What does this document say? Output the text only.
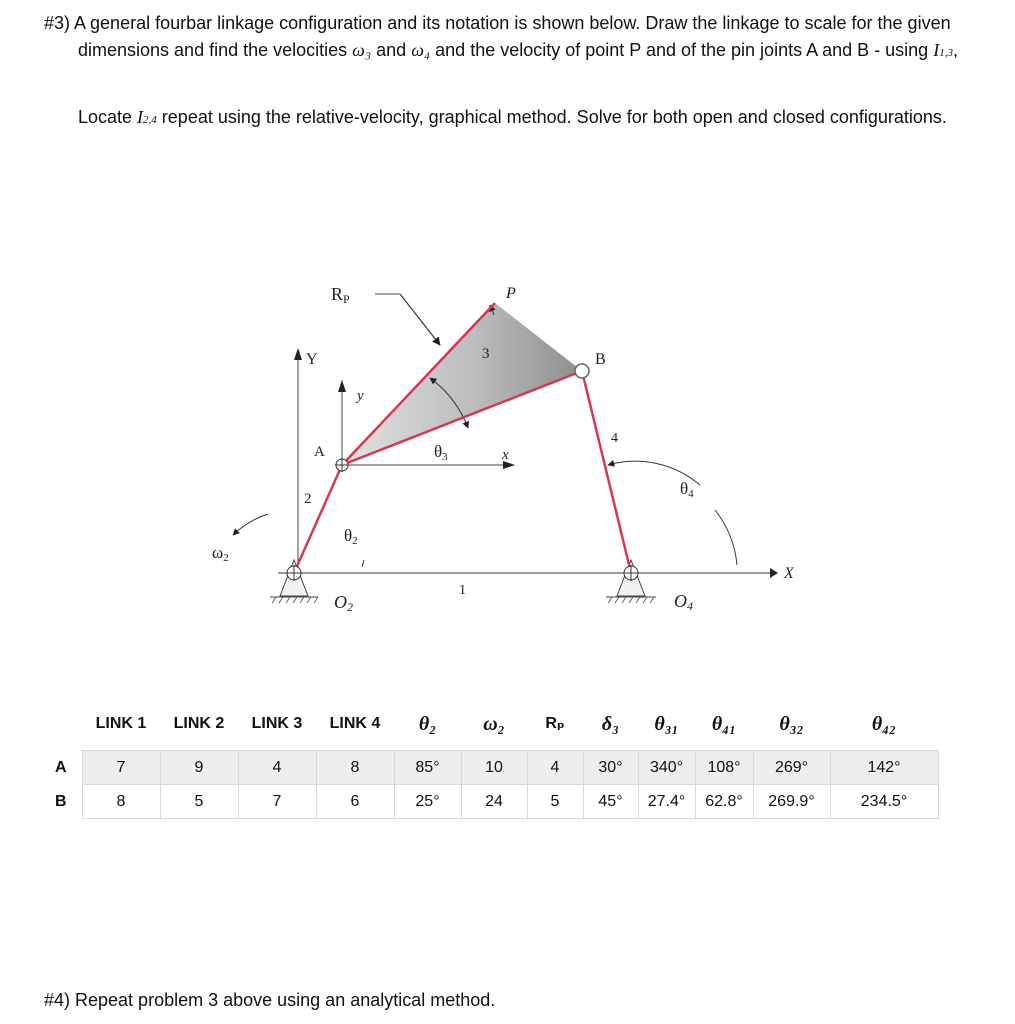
#3) A general fourbar linkage configuration and its notation is shown below. Draw the linkage to scale for the given dimensions and find the velocities ω₃ and ω₄ and the velocity of point P and of the pin joints A and B - using I1,3,
Locate I2,4 repeat using the relative-velocity, graphical method. Solve for both open and closed configurations.
RP	P
B
Y
y
A	θ3	x
3
4
θ4
2
θ2
ω2
X
1
O2	O4
	LINK 1	LINK 2	LINK 3	LINK 4	θ₂	ω₂	Rₚ	δ₃	θ₃₁	θ₄₁	θ₃₂	θ₄₂
A	7	9	4	8	85°	10	4	30°	340°	108°	269°	142°
B	8	5	7	6	25°	24	5	45°	27.4°	62.8°	269.9°	234.5°
#4) Repeat problem 3 above using an analytical method.
